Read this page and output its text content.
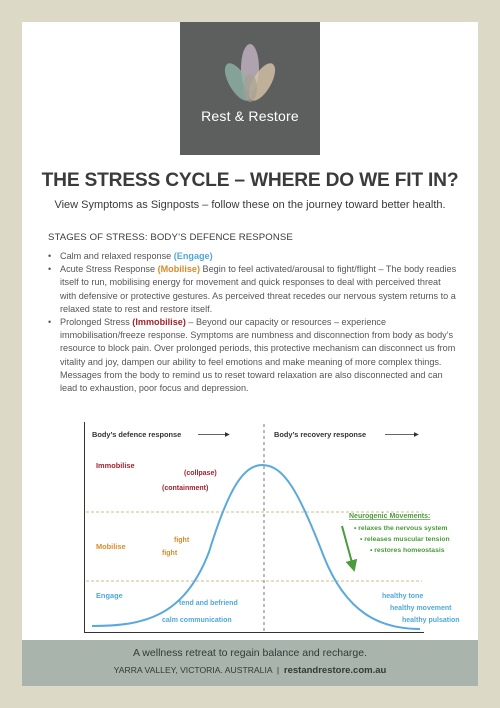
Rest & Restore
THE STRESS CYCLE – WHERE DO WE FIT IN?
View Symptoms as Signposts – follow these on the journey toward better health.
STAGES OF STRESS: BODY’S DEFENCE RESPONSE
• Calm and relaxed response (Engage)
• Acute Stress Response (Mobilise) Begin to feel activated/arousal to fight/flight – The body readies itself to run, mobilising energy for movement and quick responses to deal with perceived threat with defensive or protective gestures. As perceived threat recedes our nervous system returns to a relaxed state to rest and restore itself.
• Prolonged Stress (Immobilise) – Beyond our capacity or resources – experience immobilisation/freeze response. Symptoms are numbness and disconnection from body as body’s resource to block pain. Over prolonged periods, this protective mechanism can disconnect us from vitality and joy, dampen our ability to feel emotions and make meaning of more complex things. Messages from the body to remind us to reset toward relaxation are also disconnected and can lead to exhaustion, poor focus and depression.
Body’s defence response	Body’s recovery response
Immobilise
Mobilise
Engage
(collpase)
(containment)
fight
fight
tend and befriend
calm communication
healthy tone
healthy movement
healthy pulsation
Neurogenic Movements:
• relaxes the nervous system
• releases muscular tension
• restores homeostasis
A wellness retreat to regain balance and recharge.
YARRA VALLEY, VICTORIA. AUSTRALIA | restandrestore.com.au
